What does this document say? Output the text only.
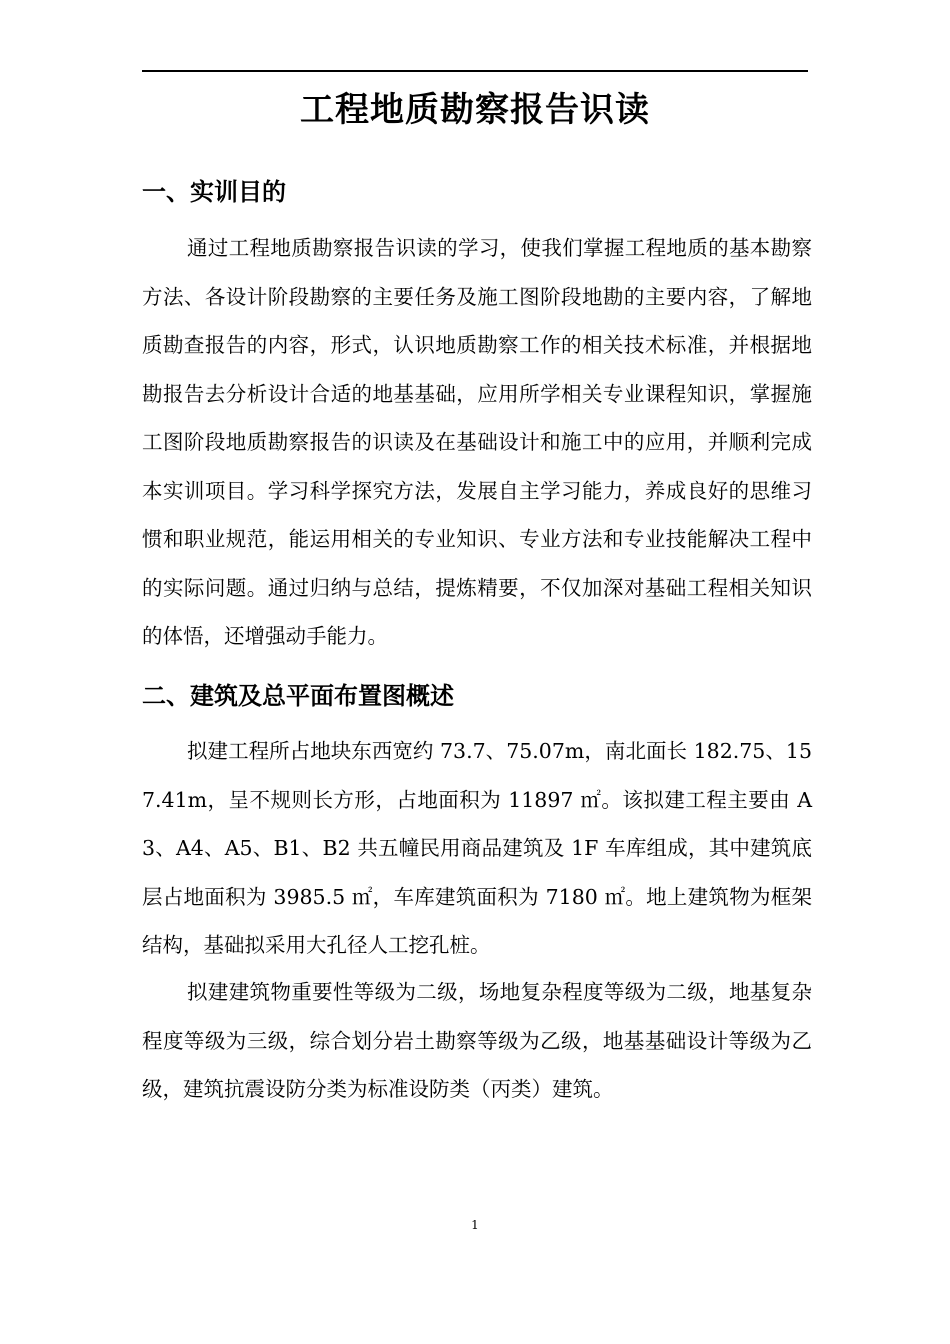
工程地质勘察报告识读
一、实训目的

通过工程地质勘察报告识读的学习，使我们掌握工程地质的基本勘察方法、各设计阶段勘察的主要任务及施工图阶段地勘的主要内容，了解地质勘查报告的内容，形式，认识地质勘察工作的相关技术标准，并根据地勘报告去分析设计合适的地基基础，应用所学相关专业课程知识，掌握施工图阶段地质勘察报告的识读及在基础设计和施工中的应用，并顺利完成本实训项目。学习科学探究方法，发展自主学习能力，养成良好的思维习惯和职业规范，能运用相关的专业知识、专业方法和专业技能解决工程中的实际问题。通过归纳与总结，提炼精要，不仅加深对基础工程相关知识的体悟，还增强动手能力。

二、建筑及总平面布置图概述

拟建工程所占地块东西宽约 73.7、75.07m，南北面长 182.75、157.41m，呈不规则长方形，占地面积为 11897 ㎡。该拟建工程主要由 A3、A4、A5、B1、B2 共五幢民用商品建筑及 1F 车库组成，其中建筑底层占地面积为 3985.5 ㎡，车库建筑面积为 7180 ㎡。地上建筑物为框架结构，基础拟采用大孔径人工挖孔桩。

拟建建筑物重要性等级为二级，场地复杂程度等级为二级，地基复杂程度等级为三级，综合划分岩土勘察等级为乙级，地基基础设计等级为乙级，建筑抗震设防分类为标准设防类（丙类）建筑。

1
